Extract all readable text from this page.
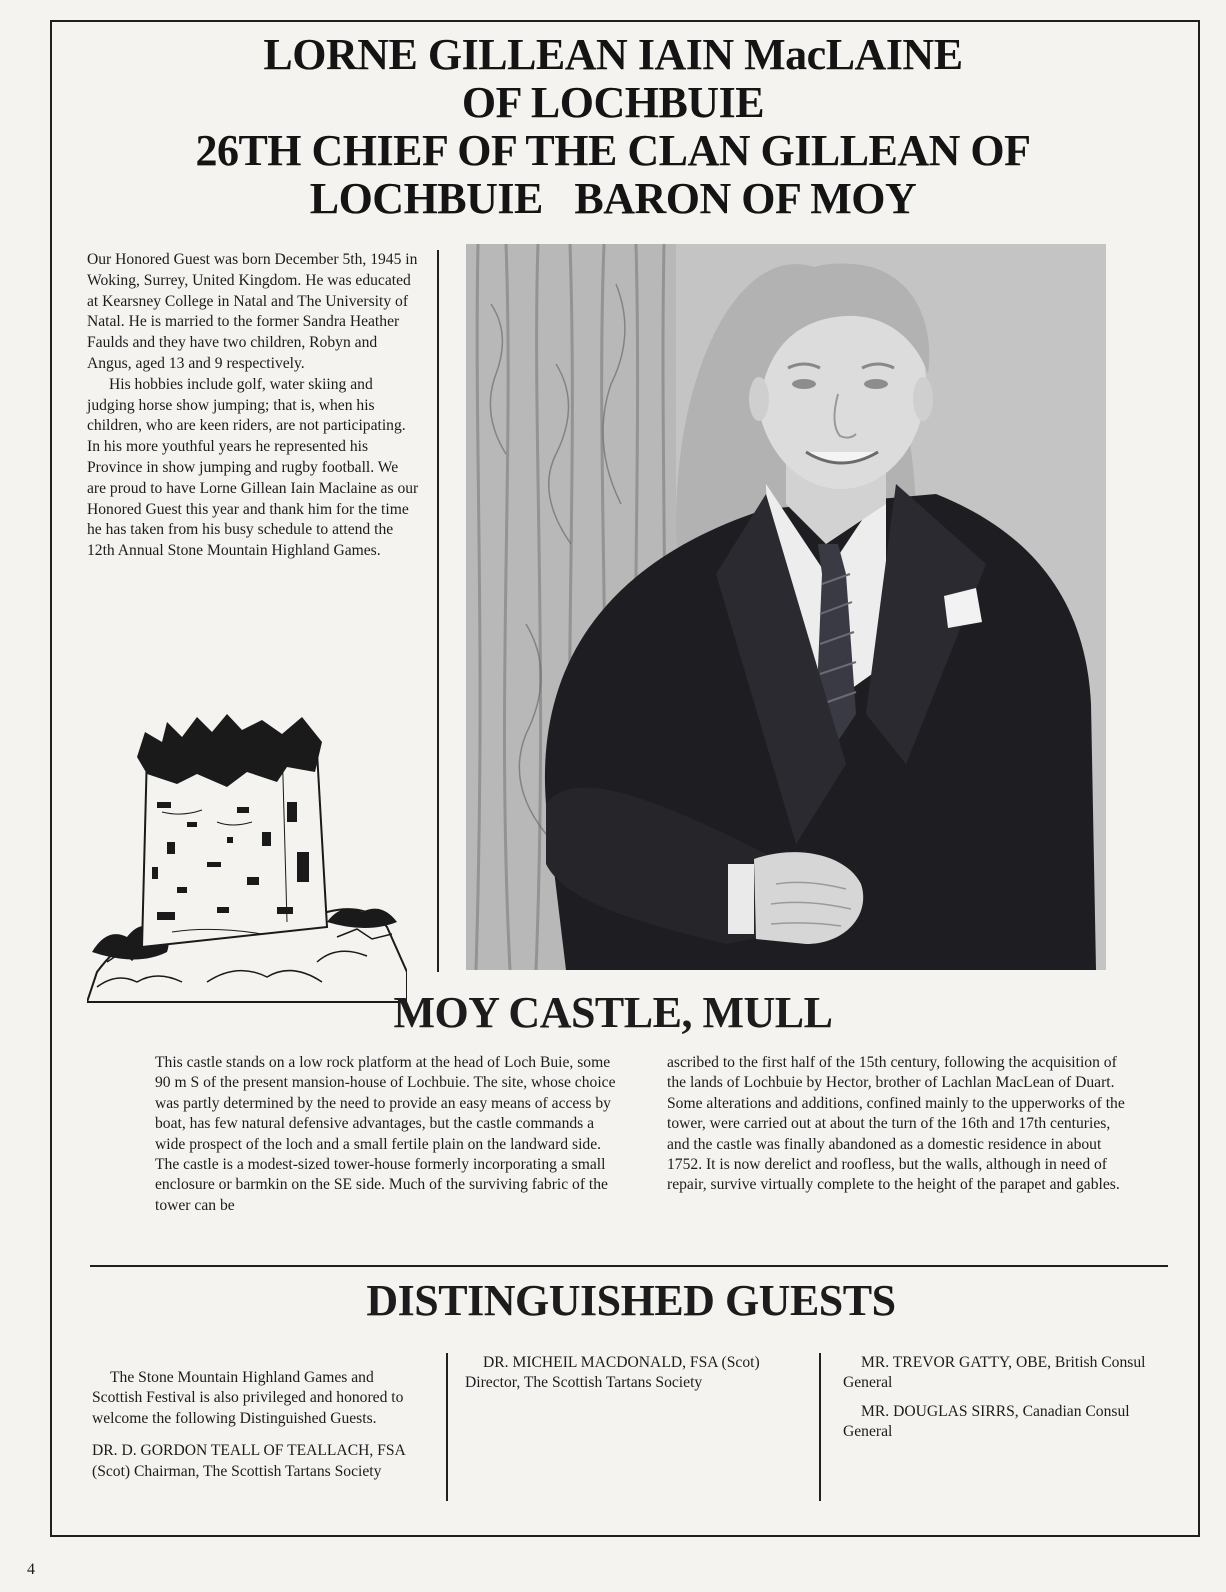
LORNE GILLEAN IAIN MacLAINE
OF LOCHBUIE
26TH CHIEF OF THE CLAN GILLEAN OF
LOCHBUIE   BARON OF MOY

Our Honored Guest was born December 5th, 1945 in Woking, Surrey, United Kingdom. He was educated at Kearsney College in Natal and The University of Natal. He is married to the former Sandra Heather Faulds and they have two children, Robyn and Angus, aged 13 and 9 respectively.

His hobbies include golf, water skiing and judging horse show jumping; that is, when his children, who are keen riders, are not participating. In his more youthful years he represented his Province in show jumping and rugby football. We are proud to have Lorne Gillean Iain Maclaine as our Honored Guest this year and thank him for the time he has taken from his busy schedule to attend the 12th Annual Stone Mountain Highland Games.

MOY CASTLE, MULL

This castle stands on a low rock platform at the head of Loch Buie, some 90 m S of the present mansion-house of Lochbuie. The site, whose choice was partly determined by the need to provide an easy means of access by boat, has few natural defensive advantages, but the castle commands a wide prospect of the loch and a small fertile plain on the landward side. The castle is a modest-sized tower-house formerly incorporating a small enclosure or barmkin on the SE side. Much of the surviving fabric of the tower can be

ascribed to the first half of the 15th century, following the acquisition of the lands of Lochbuie by Hector, brother of Lachlan MacLean of Duart. Some alterations and additions, confined mainly to the upperworks of the tower, were carried out at about the turn of the 16th and 17th centuries, and the castle was finally abandoned as a domestic residence in about 1752. It is now derelict and roofless, but the walls, although in need of repair, survive virtually complete to the height of the parapet and gables.

DISTINGUISHED GUESTS

The Stone Mountain Highland Games and Scottish Festival is also privileged and honored to welcome the following Distinguished Guests.

DR. D. GORDON TEALL OF TEALLACH, FSA (Scot) Chairman, The Scottish Tartans Society

DR. MICHEIL MACDONALD, FSA (Scot) Director, The Scottish Tartans Society

MR. TREVOR GATTY, OBE, British Consul General

MR. DOUGLAS SIRRS, Canadian Consul General

4
